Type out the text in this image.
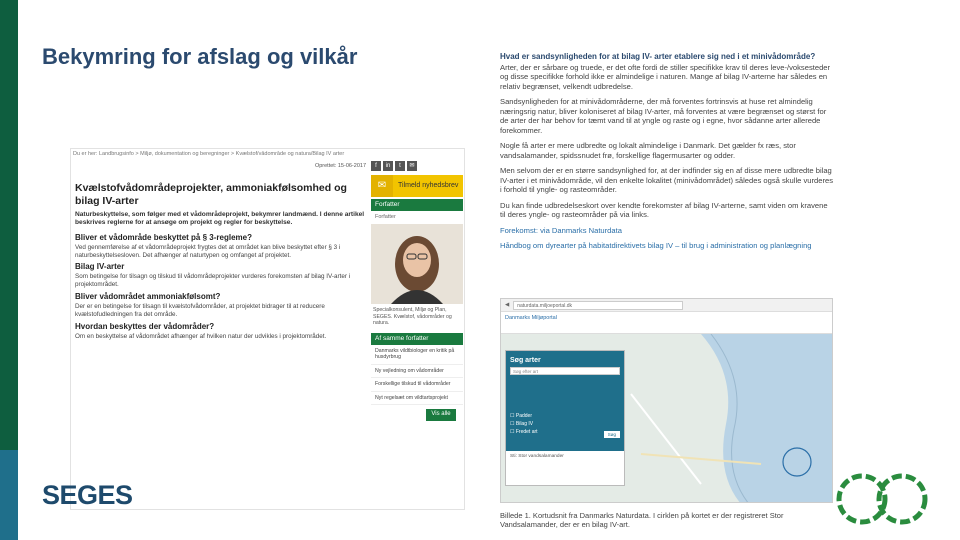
Bekymring for afslag og vilkår
Du er her: Landbrugsinfo > Miljø, dokumentation og beregninger > Kvælstof/vådområde og natura/Bilag IV arter
Oprettet: 15-06-2017	f	in	t	✉
Kvælstofvådområdeprojekter, ammoniakfølsomhed og bilag IV-arter
Naturbeskyttelse, som følger med et vådområdeprojekt, bekymrer landmænd. I denne artikel beskrives reglerne for at ansøge om projekt og regler for beskyttelse.
Bliver et vådområde beskyttet på § 3-regleme?
Ved gennemførelse af et vådområdeprojekt frygtes det at området kan blive beskyttet efter § 3 i naturbeskyttelsesloven. Det afhænger af naturtypen og omfanget af projektet.
Bilag IV-arter
Som betingelse for tilsagn og tilskud til vådområdeprojekter vurderes forekomsten af bilag IV-arter i projektområdet.
Bliver vådområdet ammoniakfølsomt?
Der er en betingelse for tilsagn til kvælstofvådområder, at projektet bidrager til at reducere kvælstofudledningen fra det område.
Hvordan beskyttes der vådområder?
Om en beskyttelse af vådområdet afhænger af hvilken natur der udvikles i projektområdet.
✉	Tilmeld nyhedsbrev
Forfatter
Forfatter
Specialkonsulent, Miljø og Plan, SEGES. Kvælstof, vådområder og natura.
Af samme forfatter
Danmarks vildtbiologer en kritik på husdyrbrug
Ny vejledning om vådområder
Forskellige tilskud til vådområder
Nyt regelsæt om vildtartsprojekt
Vis alle
SEGES
Hvad er sandsynligheden for at bilag IV- arter etablere sig ned i et minivådområde?
Arter, der er sårbare og truede, er det ofte fordi de stiller specifikke krav til deres leve-/voksesteder og disse specifikke forhold ikke er almindelige i naturen. Mange af bilag IV-arterne har således en relativ begrænset, velkendt udbredelse.
Sandsynligheden for at minivådområderne, der må forventes fortrinsvis at huse ret almindelig næringsrig natur, bliver koloniseret af bilag IV-arter, må forventes at være begrænset og størst for de arter der har behov for tæmt vand til at yngle og raste og i egne, hvor sådanne arter allerede forekommer.
Nogle få arter er mere udbredte og lokalt almindelige i Danmark. Det gælder fx ræs, stor vandsalamander, spidssnudet frø, forskellige flagermusarter og odder.
Men selvom der er en større sandsynlighed for, at der indfinder sig en af disse mere udbredte bilag IV-arter i et minivådområde, vil den enkelte lokalitet (minivådområdet) således også skulle vurderes i forhold til yngle- og rasteområder.
Du kan finde udbredelseskort over kendte forekomster af bilag IV-arterne, samt viden om kravene til deres yngle- og rasteområder på via links.
Forekomst: via Danmarks Naturdata
Håndbog om dyrearter på habitatdirektivets bilag IV – til brug i administration og planlægning
◀	naturdata.miljoeportal.dk
Danmarks Miljøportal
Søg arter
Søg efter art
☐ Padder
☐ Bilag IV
☐ Fredet art	Søg
Sti: Stor vandsalamander
Billede 1. Kortudsnit fra Danmarks Naturdata. I cirklen på kortet er der registreret Stor Vandsalamander, der er en bilag IV-art.
